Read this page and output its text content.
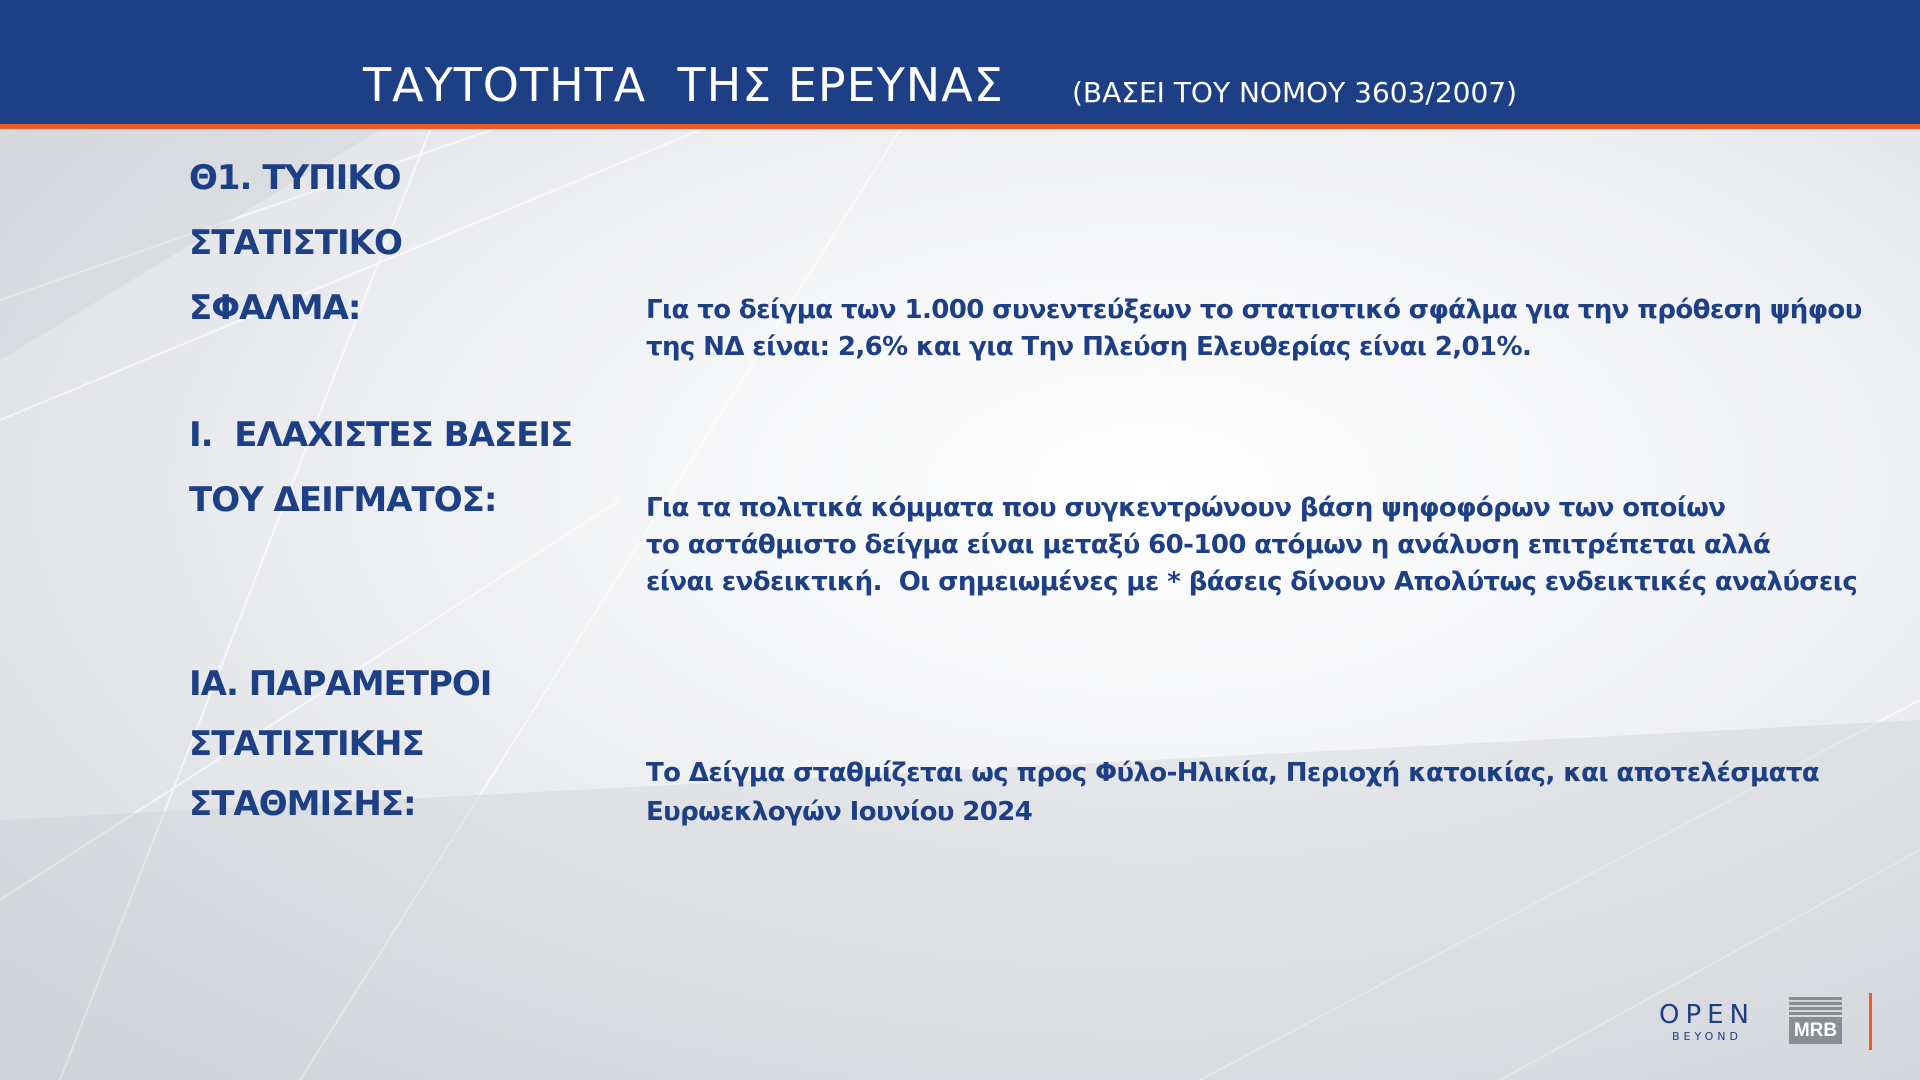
ΤΑΥΤΟΤΗΤΑ  ΤΗΣ ΕΡΕΥΝΑΣ (ΒΑΣΕΙ ΤΟΥ ΝΟΜΟΥ 3603/2007)
Θ1. ΤΥΠΙΚΟ
ΣΤΑΤΙΣΤΙΚΟ
ΣΦΑΛΜΑ:	Για το δείγμα των 1.000 συνεντεύξεων το στατιστικό σφάλμα για την πρόθεση ψήφου
της ΝΔ είναι: 2,6% και για Την Πλεύση Ελευθερίας είναι 2,01%.
Ι.  ΕΛΑΧΙΣΤΕΣ ΒΑΣΕΙΣ
ΤΟΥ ΔΕΙΓΜΑΤΟΣ:	Για τα πολιτικά κόμματα που συγκεντρώνουν βάση ψηφοφόρων των οποίων
το αστάθμιστο δείγμα είναι μεταξύ 60-100 ατόμων η ανάλυση επιτρέπεται αλλά
είναι ενδεικτική.  Οι σημειωμένες με * βάσεις δίνουν Απολύτως ενδεικτικές αναλύσεις
ΙΑ. ΠΑΡΑΜΕΤΡΟΙ
ΣΤΑΤΙΣΤΙΚΗΣ
ΣΤΑΘΜΙΣΗΣ:
Το Δείγμα σταθμίζεται ως προς Φύλο-Ηλικία, Περιοχή κατοικίας, και αποτελέσματα
Ευρωεκλογών Ιουνίου 2024
OPEN
BEYOND	MRB
